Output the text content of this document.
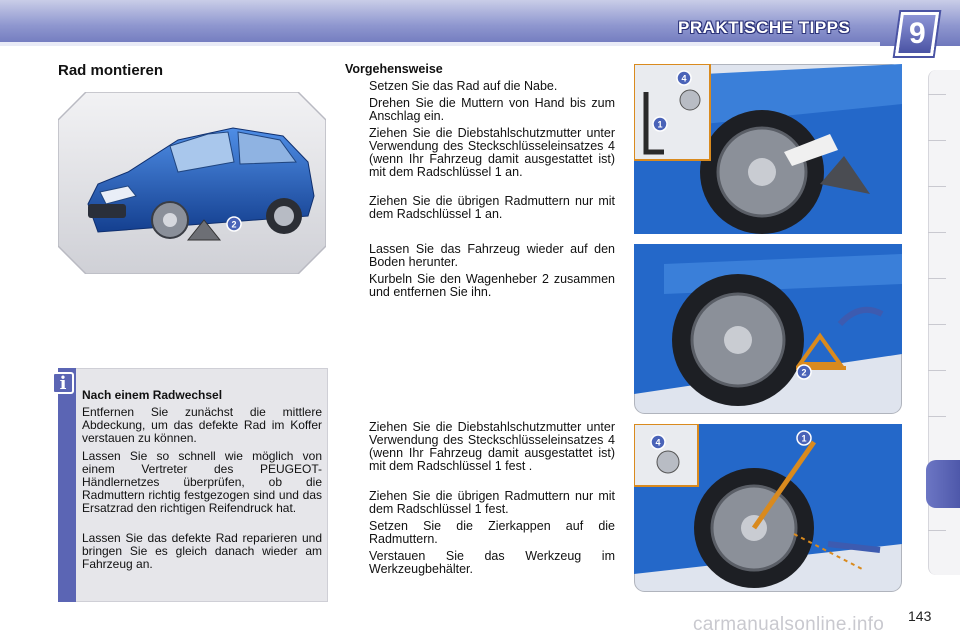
PRAKTISCHE TIPPS 9
Rad montieren
2
i
Nach einem Radwechsel
Entfernen Sie zunächst die mittlere Abdeckung, um das defekte Rad im Koffer verstauen zu können.
Lassen Sie so schnell wie möglich von einem Vertreter des PEUGEOT-Händlernetzes überprüfen, ob die Radmuttern richtig festgezogen sind und das Ersatzrad den richtigen Reifendruck hat.
Lassen Sie das defekte Rad reparieren und bringen Sie es gleich danach wieder am Fahrzeug an.
Vorgehensweise
Setzen Sie das Rad auf die Nabe.
Drehen Sie die Muttern von Hand bis zum Anschlag ein.
Ziehen Sie die Diebstahlschutzmutter unter Verwendung des Steckschlüsseleinsatzes 4 (wenn Ihr Fahrzeug damit ausgestattet ist) mit dem Radschlüssel 1 an.
Ziehen Sie die übrigen Radmuttern nur mit dem Radschlüssel 1 an.
Lassen Sie das Fahrzeug wieder auf den Boden herunter.
Kurbeln Sie den Wagenheber 2 zusammen und entfernen Sie ihn.
Ziehen Sie die Diebstahlschutzmutter unter Verwendung des Steckschlüsseleinsatzes 4 (wenn Ihr Fahrzeug damit ausgestattet ist) mit dem Radschlüssel 1 fest .
Ziehen Sie die übrigen Radmuttern nur mit dem Radschlüssel 1 fest.
Setzen Sie die Zierkappen auf die Radmuttern.
Verstauen Sie das Werkzeug im Werkzeugbehälter.
4
1
2
4	1
carmanualsonline.info 143
